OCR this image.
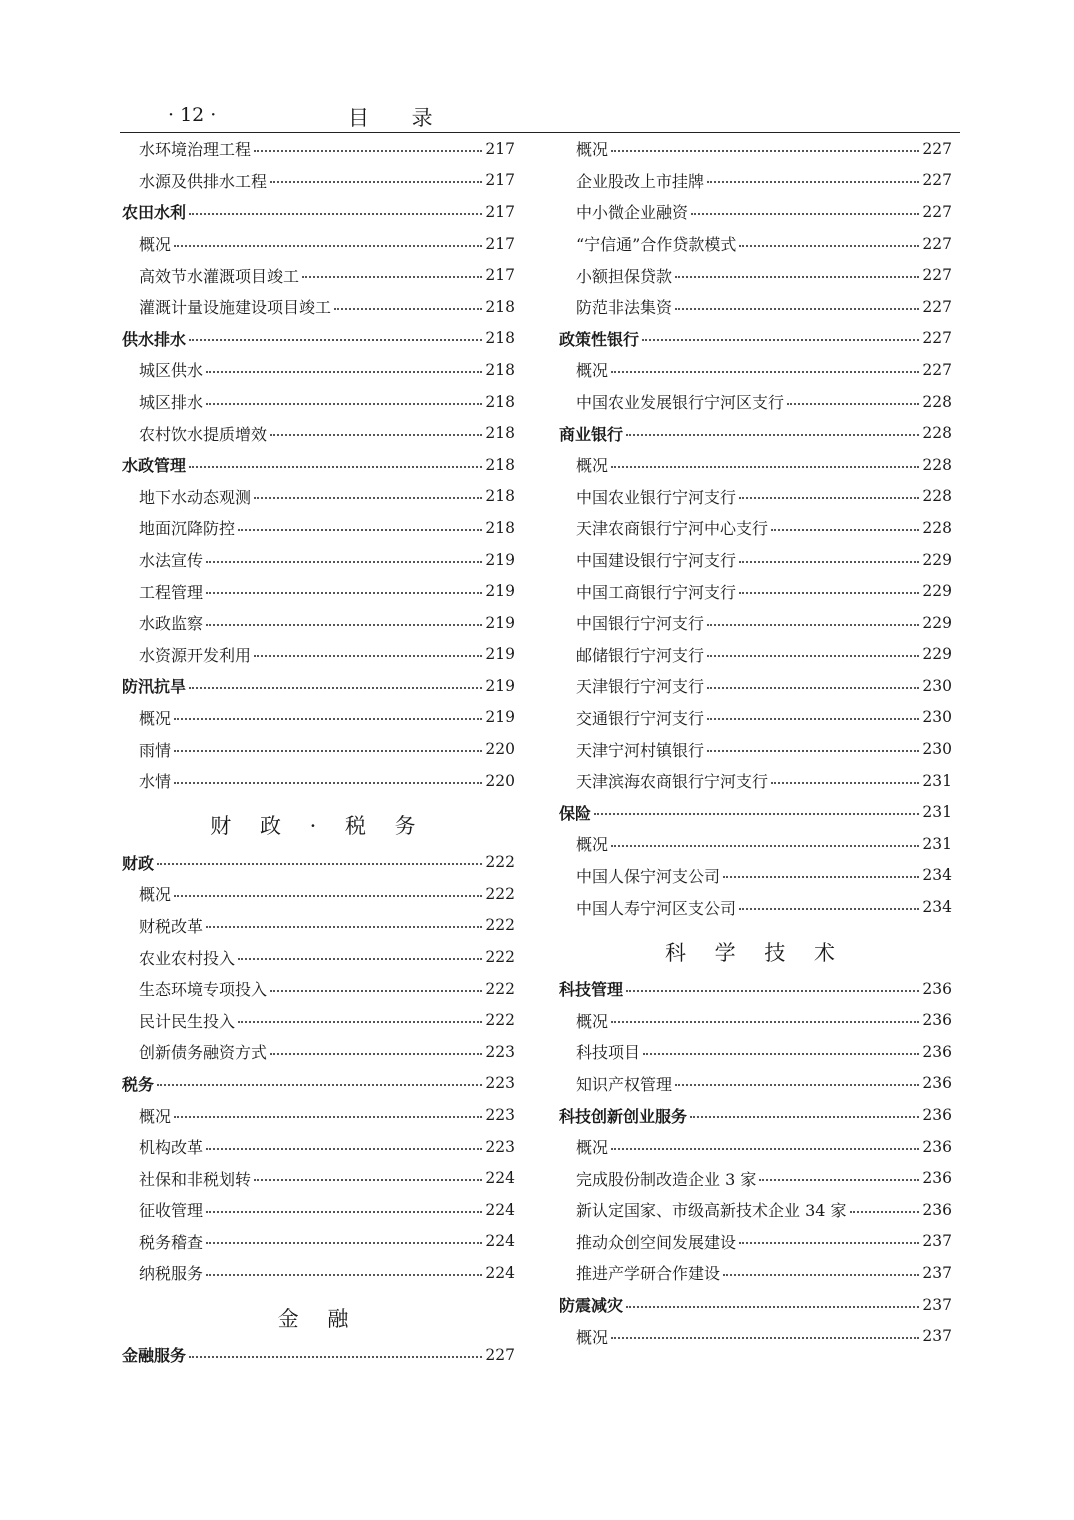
· 12 ·	目 录
水环境治理工程	217
水源及供排水工程	217
农田水利	217
概况	217
高效节水灌溉项目竣工	217
灌溉计量设施建设项目竣工	218
供水排水	218
城区供水	218
城区排水	218
农村饮水提质增效	218
水政管理	218
地下水动态观测	218
地面沉降防控	218
水法宣传	219
工程管理	219
水政监察	219
水资源开发利用	219
防汛抗旱	219
概况	219
雨情	220
水情	220
财 政 · 税 务
财政	222
概况	222
财税改革	222
农业农村投入	222
生态环境专项投入	222
民计民生投入	222
创新债务融资方式	223
税务	223
概况	223
机构改革	223
社保和非税划转	224
征收管理	224
税务稽查	224
纳税服务	224
金 融
金融服务	227
概况	227
企业股改上市挂牌	227
中小微企业融资	227
“宁信通”合作贷款模式	227
小额担保贷款	227
防范非法集资	227
政策性银行	227
概况	227
中国农业发展银行宁河区支行	228
商业银行	228
概况	228
中国农业银行宁河支行	228
天津农商银行宁河中心支行	228
中国建设银行宁河支行	229
中国工商银行宁河支行	229
中国银行宁河支行	229
邮储银行宁河支行	229
天津银行宁河支行	230
交通银行宁河支行	230
天津宁河村镇银行	230
天津滨海农商银行宁河支行	231
保险	231
概况	231
中国人保宁河支公司	234
中国人寿宁河区支公司	234
科 学 技 术
科技管理	236
概况	236
科技项目	236
知识产权管理	236
科技创新创业服务	236
概况	236
完成股份制改造企业 3 家	236
新认定国家、市级高新技术企业 34 家	236
推动众创空间发展建设	237
推进产学研合作建设	237
防震减灾	237
概况	237
